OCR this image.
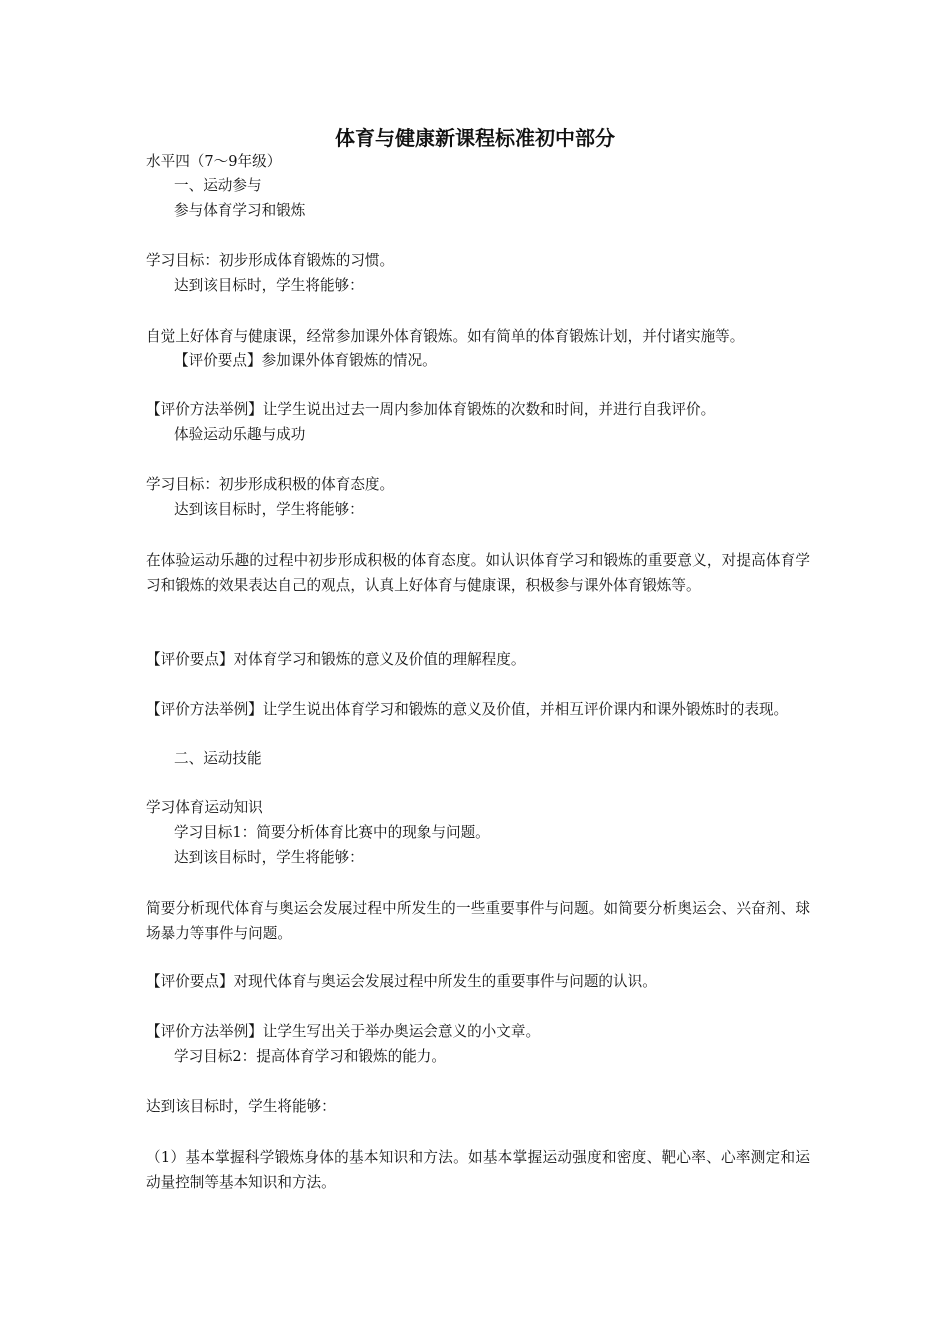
体育与健康新课程标准初中部分
水平四（7～9年级）
一、运动参与
参与体育学习和锻炼
学习目标：初步形成体育锻炼的习惯。
达到该目标时，学生将能够：
自觉上好体育与健康课，经常参加课外体育锻炼。如有简单的体育锻炼计划，并付诸实施等。
【评价要点】参加课外体育锻炼的情况。
【评价方法举例】让学生说出过去一周内参加体育锻炼的次数和时间，并进行自我评价。
体验运动乐趣与成功
学习目标：初步形成积极的体育态度。
达到该目标时，学生将能够：
在体验运动乐趣的过程中初步形成积极的体育态度。如认识体育学习和锻炼的重要意义，对提高体育学习和锻炼的效果表达自己的观点，认真上好体育与健康课，积极参与课外体育锻炼等。
【评价要点】对体育学习和锻炼的意义及价值的理解程度。
【评价方法举例】让学生说出体育学习和锻炼的意义及价值，并相互评价课内和课外锻炼时的表现。
二、运动技能
学习体育运动知识
学习目标1：简要分析体育比赛中的现象与问题。
达到该目标时，学生将能够：
简要分析现代体育与奥运会发展过程中所发生的一些重要事件与问题。如简要分析奥运会、兴奋剂、球场暴力等事件与问题。
【评价要点】对现代体育与奥运会发展过程中所发生的重要事件与问题的认识。
【评价方法举例】让学生写出关于举办奥运会意义的小文章。
学习目标2：提高体育学习和锻炼的能力。
达到该目标时，学生将能够：
（1）基本掌握科学锻炼身体的基本知识和方法。如基本掌握运动强度和密度、靶心率、心率测定和运动量控制等基本知识和方法。
